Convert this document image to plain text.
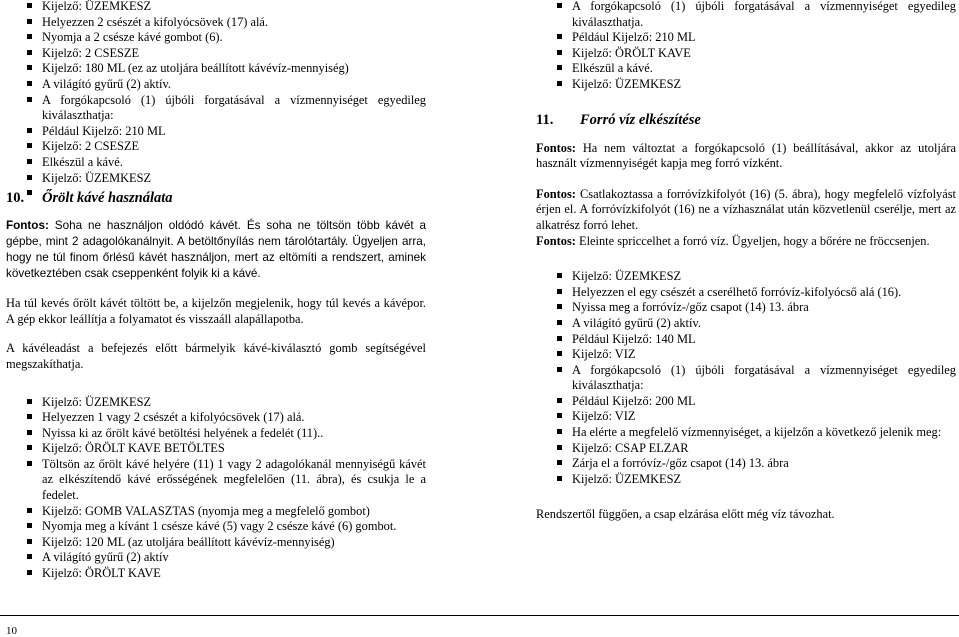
Kijelző: ÜZEMKESZ
Helyezzen 2 csészét a kifolyócsövek (17) alá.
Nyomja a 2 csésze kávé gombot (6).
Kijelző: 2 CSESZE
Kijelző: 180 ML (ez az utoljára beállított kávévíz-mennyiség)
A világító gyűrű (2) aktív.
A forgókapcsoló (1) újbóli forgatásával a vízmennyiséget egyedileg kiválaszthatja:
Például Kijelző: 210 ML
Kijelző: 2 CSESZE
Elkészül a kávé.
Kijelző: ÜZEMKESZ
10. Őrölt kávé használata

Fontos: Soha ne használjon oldódó kávét. És soha ne töltsön több kávét a gépbe, mint 2 adagolókanálnyit. A betöltőnyílás nem tárolótartály. Ügyeljen arra, hogy ne túl finom őrlésű kávét használjon, mert az eltömíti a rendszert, aminek következtében csak cseppenként folyik ki a kávé.

Ha túl kevés őrölt kávét töltött be, a kijelzőn megjelenik, hogy túl kevés a kávépor. A gép ekkor leállítja a folyamatot és visszaáll alapállapotba.

A kávéleadást a befejezés előtt bármelyik kávé-kiválasztó gomb segítségével megszakíthatja.

Kijelző: ÜZEMKESZ
Helyezzen 1 vagy 2 csészét a kifolyócsövek (17) alá.
Nyissa ki az őrölt kávé betöltési helyének a fedelét (11)..
Kijelző: ÖRÖLT KAVE BETÖLTES
Töltsön az őrölt kávé helyére (11) 1 vagy 2 adagolókanál mennyiségű kávét az elkészítendő kávé erősségének megfelelően (11. ábra), és csukja le a fedelet.
Kijelző: GOMB VALASZTAS (nyomja meg a megfelelő gombot)
Nyomja meg a kívánt 1 csésze kávé (5) vagy 2 csésze kávé (6) gombot.
Kijelző: 120 ML (az utoljára beállított kávévíz-mennyiség)
A világító gyűrű (2) aktív
Kijelző: ÖRÖLT KAVE
A forgókapcsoló (1) újbóli forgatásával a vízmennyiséget egyedileg kiválaszthatja.
Például Kijelző: 210 ML
Kijelző: ÖRÖLT KAVE
Elkészül a kávé.
Kijelző: ÜZEMKESZ
11. Forró víz elkészítése

Fontos: Ha nem változtat a forgókapcsoló (1) beállításával, akkor az utoljára használt vízmennyiségét kapja meg forró vízként.

Fontos: Csatlakoztassa a forróvízkifolyót (16) (5. ábra), hogy megfelelő vízfolyást érjen el. A forróvízkifolyót (16) ne a vízhasználat után közvetlenül cserélje, mert az alkatrész forró lehet.

Fontos: Eleinte spriccelhet a forró víz. Ügyeljen, hogy a bőrére ne fröccsenjen.

Kijelző: ÜZEMKESZ
Helyezzen el egy csészét a cserélhető forróvíz-kifolyócső alá (16).
Nyissa meg a forróvíz-/gőz csapot (14) 13. ábra
A világító gyűrű (2) aktív.
Például Kijelző: 140 ML
Kijelző: VIZ
A forgókapcsoló (1) újbóli forgatásával a vízmennyiséget egyedileg kiválaszthatja:
Például Kijelző: 200 ML
Kijelző: VIZ
Ha elérte a megfelelő vízmennyiséget, a kijelzőn a következő jelenik meg:
Kijelző: CSAP ELZAR
Zárja el a forróvíz-/gőz csapot (14) 13. ábra
Kijelző: ÜZEMKESZ

Rendszertől függően, a csap elzárása előtt még víz távozhat.

10
